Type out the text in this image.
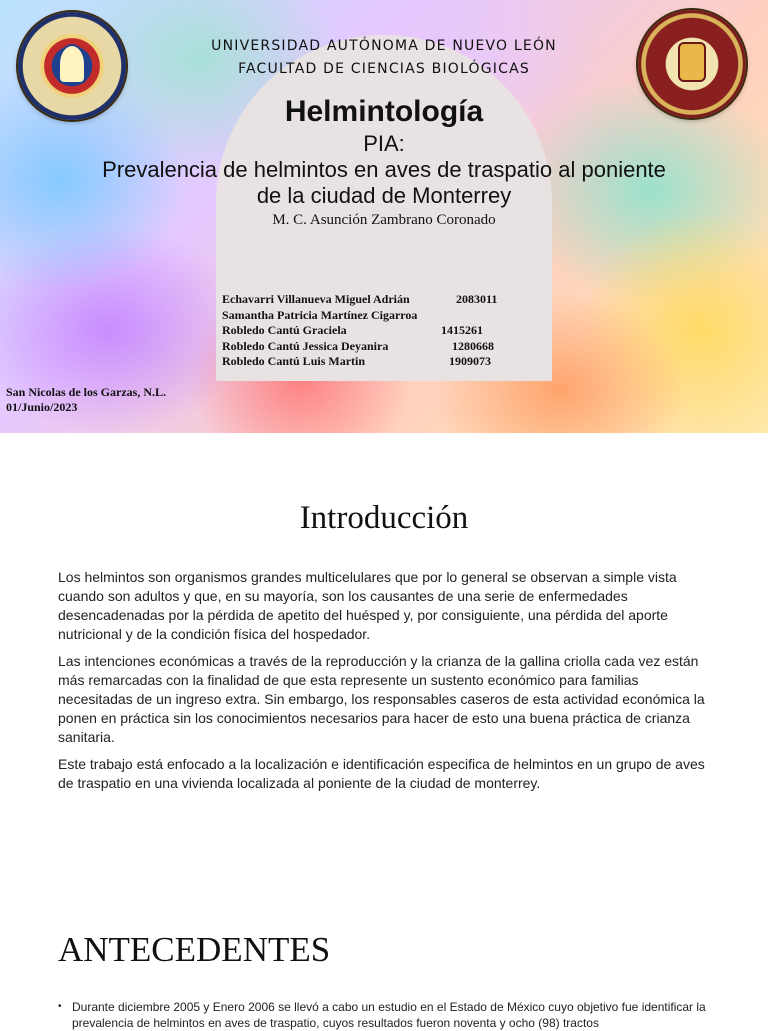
UNIVERSIDAD AUTÓNOMA DE NUEVO LEÓN
FACULTAD DE CIENCIAS BIOLÓGICAS
Helmintología
PIA:
Prevalencia de helmintos en aves de traspatio al poniente de la ciudad de Monterrey
M. C. Asunción Zambrano Coronado
Echavarri Villanueva Miguel Adrián	2083011
Samantha Patricia Martínez Cigarroa
Robledo Cantú Graciela	1415261
Robledo Cantú Jessica Deyanira	1280668
Robledo Cantú Luis Martin	1909073
San Nicolas de los Garzas, N.L.
01/Junio/2023
Introducción

Los helmintos son organismos grandes multicelulares que por lo general se observan a simple vista cuando son adultos y que, en su mayoría, son los causantes de una serie de enfermedades desencadenadas por la pérdida de apetito del huésped y, por consiguiente, una pérdida del aporte nutricional y de la condición física del hospedador.

Las intenciones económicas a través de la reproducción y la crianza de la gallina criolla cada vez están más remarcadas con la finalidad de que esta represente un sustento económico para familias necesitadas de un ingreso extra. Sin embargo, los responsables caseros de esta actividad económica la ponen en práctica sin los conocimientos necesarios para hacer de esto una buena práctica de crianza sanitaria.

Este trabajo está enfocado a la localización e identificación especifica de helmintos en un grupo de aves de traspatio en una vivienda localizada al poniente de la ciudad de monterrey.

ANTECEDENTES
• Durante diciembre 2005 y Enero 2006 se llevó a cabo un estudio en el Estado de México cuyo objetivo fue identificar la prevalencia de helmintos en aves de traspatio, cuyos resultados fueron noventa y ocho (98) tractos
